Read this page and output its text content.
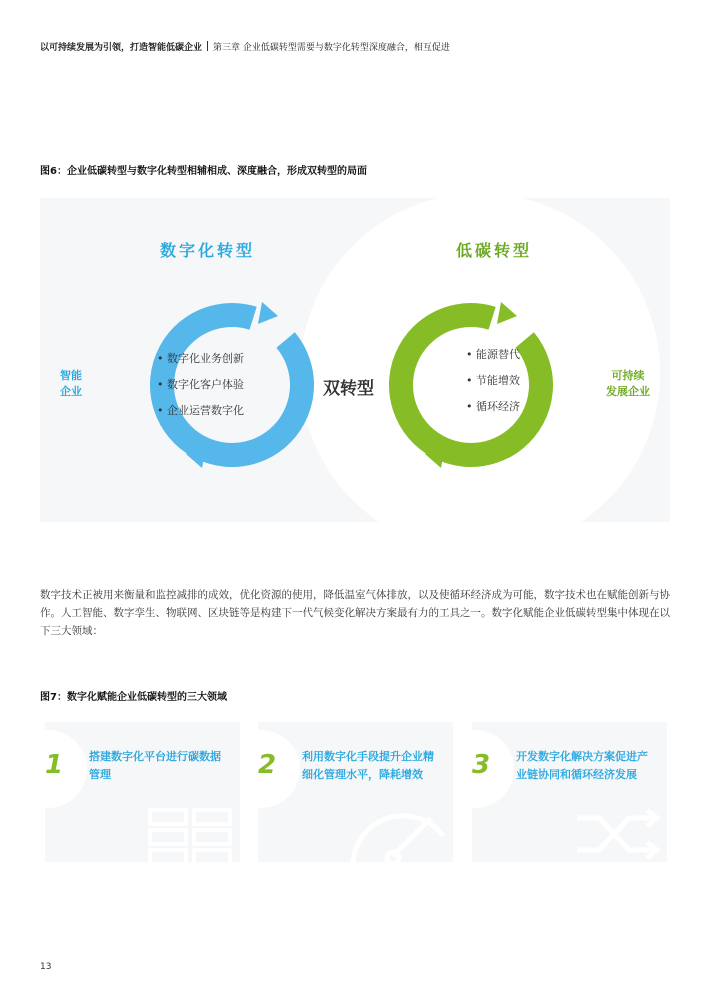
以可持续发展为引领，打造智能低碳企业 第三章 企业低碳转型需要与数字化转型深度融合，相互促进
图6：企业低碳转型与数字化转型相辅相成、深度融合，形成双转型的局面
数字化转型	低碳转型
智能
企业
可持续
发展企业
• 数字化业务创新
• 数字化客户体验
• 企业运营数字化
• 能源替代
• 节能增效
• 循环经济
双转型
数字技术正被用来衡量和监控减排的成效，优化资源的使用，降低温室气体排放，以及使循环经济成为可能，数字技术也在赋能创新与协作。人工智能、数字孪生、物联网、区块链等是构建下一代气候变化解决方案最有力的工具之一。数字化赋能企业低碳转型集中体现在以下三大领域：
图7：数字化赋能企业低碳转型的三大领域
1 搭建数字化平台进行碳数据管理	2 利用数字化手段提升企业精细化管理水平，降耗增效	3 开发数字化解决方案促进产业链协同和循环经济发展
13
